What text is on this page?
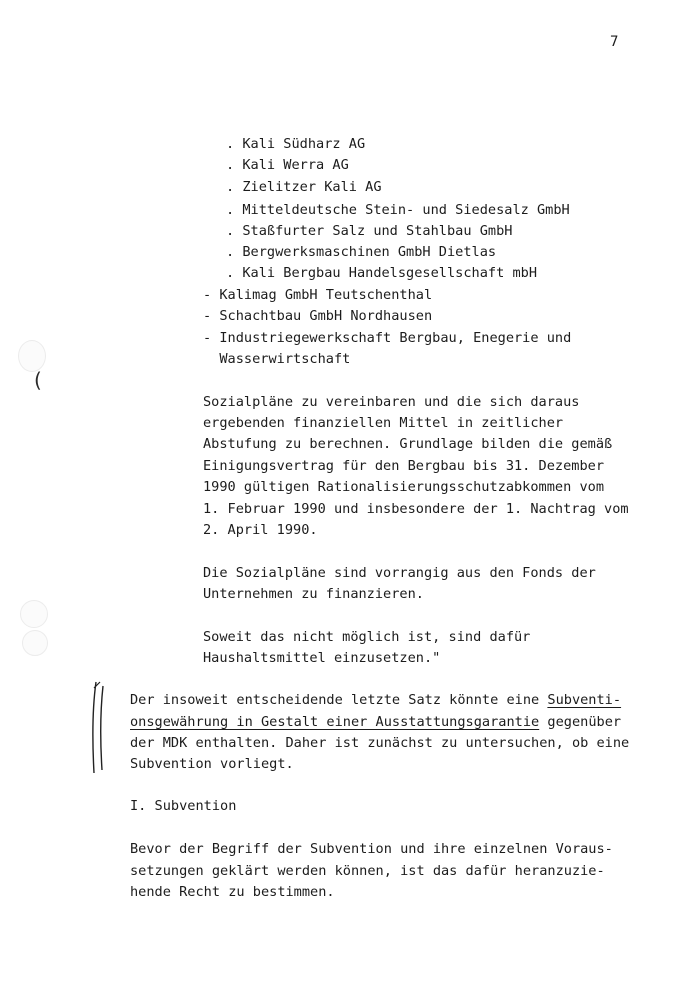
(
7
. Kali Südharz AG
. Kali Werra AG
. Zielitzer Kali AG
. Mitteldeutsche Stein- und Siedesalz GmbH
. Staßfurter Salz und Stahlbau GmbH
. Bergwerksmaschinen GmbH Dietlas
. Kali Bergbau Handelsgesellschaft mbH
- Kalimag GmbH Teutschenthal
- Schachtbau GmbH Nordhausen
- Industriegewerkschaft Bergbau, Enegerie und
Wasserwirtschaft
Sozialpläne zu vereinbaren und die sich daraus
ergebenden finanziellen Mittel in zeitlicher
Abstufung zu berechnen. Grundlage bilden die gemäß
Einigungsvertrag für den Bergbau bis 31. Dezember
1990 gültigen Rationalisierungsschutzabkommen vom
1. Februar 1990 und insbesondere der 1. Nachtrag vom
2. April 1990.
Die Sozialpläne sind vorrangig aus den Fonds der
Unternehmen zu finanzieren.
Soweit das nicht möglich ist, sind dafür
Haushaltsmittel einzusetzen."
Der insoweit entscheidende letzte Satz könnte eine Subventi-
onsgewährung in Gestalt einer Ausstattungsgarantie gegenüber
der MDK enthalten. Daher ist zunächst zu untersuchen, ob eine
Subvention vorliegt.
I. Subvention
Bevor der Begriff der Subvention und ihre einzelnen Voraus-
setzungen geklärt werden können, ist das dafür heranzuzie-
hende Recht zu bestimmen.
